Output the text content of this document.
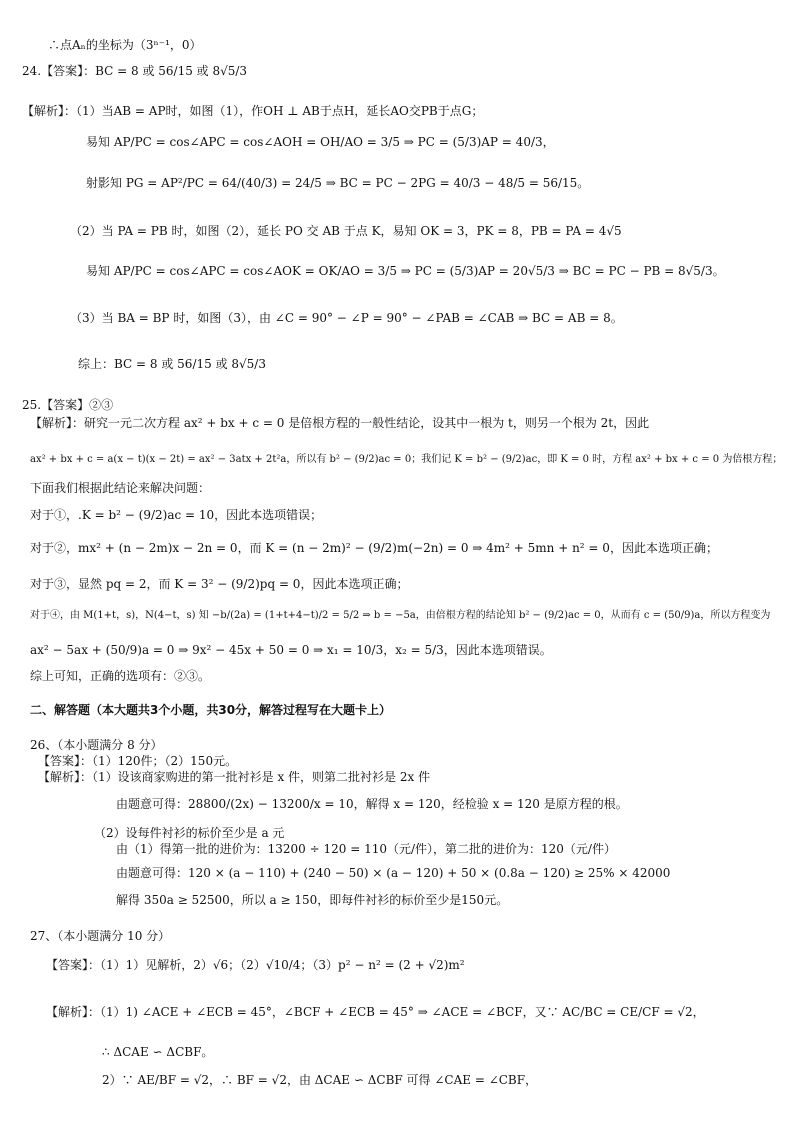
∴点Aₙ的坐标为（3ⁿ⁻¹，0）
24.【答案】：BC = 8 或 56/15 或 8√5/3
【解析】：（1）当AB = AP时，如图（1），作OH ⊥ AB于点H，延长AO交PB于点G；
易知 AP/PC = cos∠APC = cos∠AOH = OH/AO = 3/5 ⇒ PC = (5/3)AP = 40/3，
射影知 PG = AP²/PC = 64/(40/3) = 24/5 ⇒ BC = PC − 2PG = 40/3 − 48/5 = 56/15。
（2）当 PA = PB 时，如图（2），延长 PO 交 AB 于点 K，易知 OK = 3，PK = 8，PB = PA = 4√5
易知 AP/PC = cos∠APC = cos∠AOK = OK/AO = 3/5 ⇒ PC = (5/3)AP = 20√5/3 ⇒ BC = PC − PB = 8√5/3。
（3）当 BA = BP 时，如图（3），由 ∠C = 90° − ∠P = 90° − ∠PAB = ∠CAB ⇒ BC = AB = 8。
综上：BC = 8 或 56/15 或 8√5/3
25.【答案】②③
【解析】：研究一元二次方程 ax² + bx + c = 0 是倍根方程的一般性结论，设其中一根为 t，则另一个根为 2t，因此
ax² + bx + c = a(x − t)(x − 2t) = ax² − 3atx + 2t²a，所以有 b² − (9/2)ac = 0；我们记 K = b² − (9/2)ac，即 K = 0 时，方程 ax² + bx + c = 0 为倍根方程；
下面我们根据此结论来解决问题：
对于①，.K = b² − (9/2)ac = 10，因此本选项错误；
对于②，mx² + (n − 2m)x − 2n = 0，而 K = (n − 2m)² − (9/2)m(−2n) = 0 ⇒ 4m² + 5mn + n² = 0，因此本选项正确；
对于③，显然 pq = 2，而 K = 3² − (9/2)pq = 0，因此本选项正确；
对于④，由 M(1+t，s)，N(4−t，s) 知 −b/(2a) = (1+t+4−t)/2 = 5/2 ⇒ b = −5a，由倍根方程的结论知 b² − (9/2)ac = 0，从而有 c = (50/9)a，所以方程变为
ax² − 5ax + (50/9)a = 0 ⇒ 9x² − 45x + 50 = 0 ⇒ x₁ = 10/3，x₂ = 5/3，因此本选项错误。
综上可知，正确的选项有：②③。
二、解答题（本大题共3个小题，共30分，解答过程写在大题卡上）
26、（本小题满分 8 分）
【答案】：（1）120件；（2）150元。
【解析】：（1）设该商家购进的第一批衬衫是 x 件，则第二批衬衫是 2x 件
由题意可得：28800/(2x) − 13200/x = 10，解得 x = 120，经检验 x = 120 是原方程的根。
（2）设每件衬衫的标价至少是 a 元
由（1）得第一批的进价为：13200 ÷ 120 = 110（元/件），第二批的进价为：120（元/件）
由题意可得：120 × (a − 110) + (240 − 50) × (a − 120) + 50 × (0.8a − 120) ≥ 25% × 42000
解得 350a ≥ 52500，所以 a ≥ 150，即每件衬衫的标价至少是150元。
27、（本小题满分 10 分）
【答案】：（1）1）见解析，2）√6；（2）√10/4；（3）p² − n² = (2 + √2)m²
【解析】：（1）1) ∠ACE + ∠ECB = 45°，∠BCF + ∠ECB = 45° ⇒ ∠ACE = ∠BCF，又∵ AC/BC = CE/CF = √2，
∴ ΔCAE ∽ ΔCBF。
2）∵ AE/BF = √2，∴ BF = √2，由 ΔCAE ∽ ΔCBF 可得 ∠CAE = ∠CBF，
